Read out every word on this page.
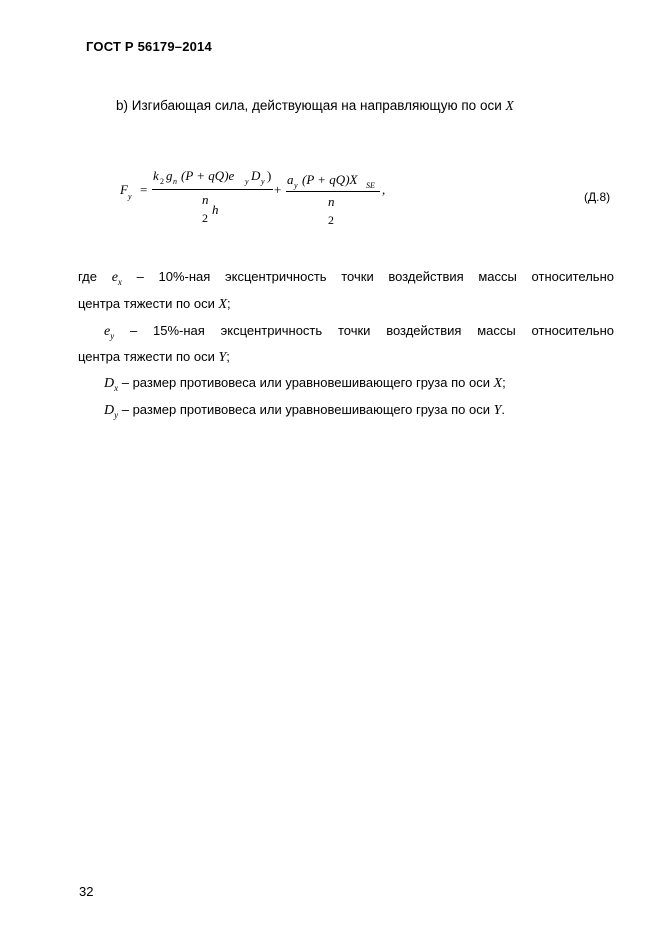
ГОСТ Р 56179–2014
b) Изгибающая сила, действующая на направляющую по оси X
F y =
k 2 g n (P + qQ)e y D y )
n
2
h
+
a y (P + qQ)X SE
n
2
,	(Д.8)
где $e_x - 10\%-ная$ эксцентричность точки воздействия массы относительно
центра тяжести по оси X;
$e_y - 15\%-ная$ эксцентричность точки воздействия массы относительно
центра тяжести по оси Y;
$D_x$ – размер противовеса или уравновешивающего груза по оси X;
$D_y$ – размер противовеса или уравновешивающего груза по оси Y.
32
